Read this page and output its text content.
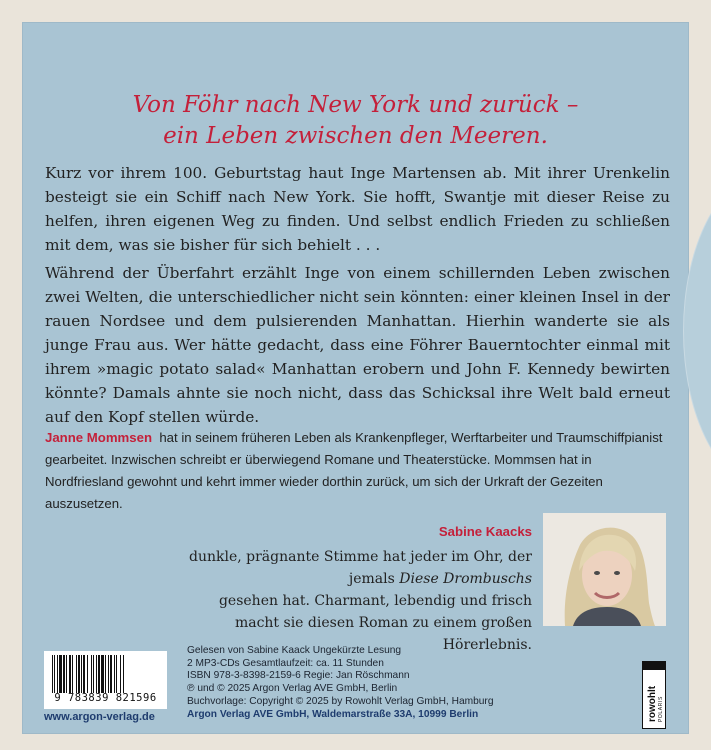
Von Föhr nach New York und zurück –
ein Leben zwischen den Meeren.

Kurz vor ihrem 100. Geburtstag haut Inge Martensen ab. Mit ihrer Urenkelin besteigt sie ein Schiff nach New York. Sie hofft, Swantje mit dieser Reise zu helfen, ihren eigenen Weg zu finden. Und selbst endlich Frieden zu schließen mit dem, was sie bisher für sich behielt . . .

Während der Überfahrt erzählt Inge von einem schillernden Leben zwischen zwei Welten, die unterschiedlicher nicht sein könnten: einer kleinen Insel in der rauen Nordsee und dem pulsierenden Manhattan. Hierhin wanderte sie als junge Frau aus. Wer hätte gedacht, dass eine Föhrer Bauerntochter einmal mit ihrem »magic potato salad« Manhattan erobern und John F. Kennedy bewirten könnte? Damals ahnte sie noch nicht, dass das Schicksal ihre Welt bald erneut auf den Kopf stellen würde.

Janne Mommsen hat in seinem früheren Leben als Krankenpfleger, Werftarbeiter und Traumschiffpianist gearbeitet. Inzwischen schreibt er überwiegend Romane und Theaterstücke. Mommsen hat in Nordfriesland gewohnt und kehrt immer wieder dorthin zurück, um sich der Urkraft der Gezeiten auszusetzen.

Sabine Kaacks

dunkle, prägnante Stimme hat jeder im Ohr, der jemals Diese Drombuschs
gesehen hat. Charmant, lebendig und frisch macht sie diesen Roman zu einem großen Hörerlebnis.

9 783839 821596
www.argon-verlag.de
Gelesen von Sabine Kaack Ungekürzte Lesung
2 MP3-CDs Gesamtlaufzeit: ca. 11 Stunden
ISBN 978-3-8398-2159-6 Regie: Jan Röschmann
℗ und © 2025 Argon Verlag AVE GmbH, Berlin
Buchvorlage: Copyright © 2025 by Rowohlt Verlag GmbH, Hamburg
Argon Verlag AVE GmbH, Waldemarstraße 33A, 10999 Berlin	rowohlt POLARIS
